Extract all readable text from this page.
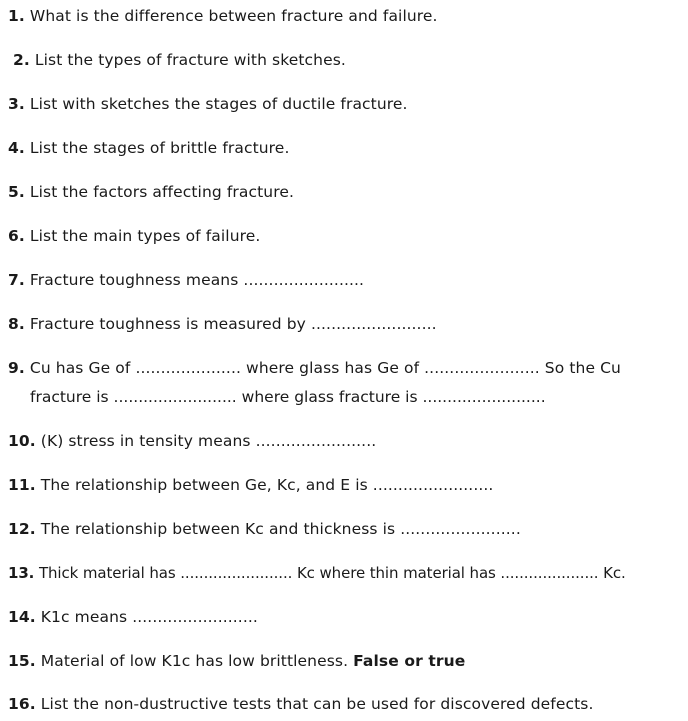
1. What is the difference between fracture and failure.
2. List the types of fracture with sketches.
3. List with sketches the stages of ductile fracture.
4. List the stages of brittle fracture.
5. List the factors affecting fracture.
6. List the main types of failure.
7. Fracture toughness means ........................
8. Fracture toughness is measured by .........................
9. Cu has Ge of ..................... where glass has Ge of ....................... So the Cu
fracture is ......................... where glass fracture is .........................
10. (K) stress in tensity means ........................
11. The relationship between Ge, Kc, and E is ........................
12. The relationship between Kc and thickness is ........................
13. Thick material has ........................ Kc where thin material has ..................... Kc.
14. K1c means .........................
15. Material of low K1c has low brittleness. False or true
16. List the non-dustructive tests that can be used for discovered defects.
